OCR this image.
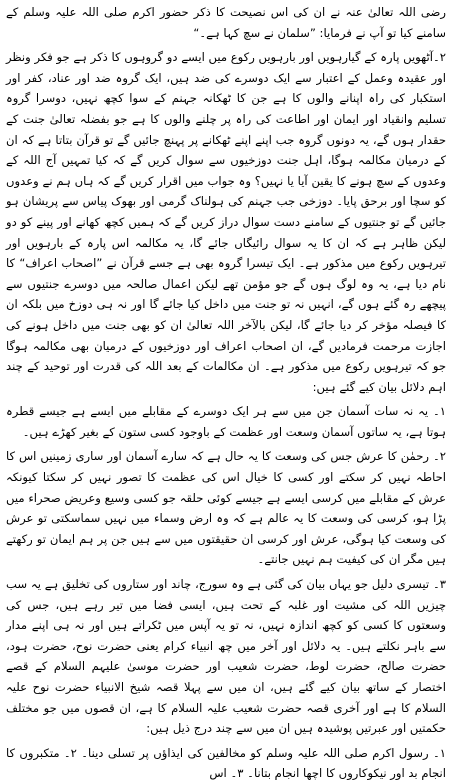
رضی اللہ تعالیٰ عنہ نے ان کی اس نصیحت کا ذکر حضور اکرم صلی اللہ علیہ وسلم کے سامنے کیا تو آپ نے فرمایا: ”سلمان نے سچ کہا ہے۔“

۲۔آٹھویں پارہ کے گیارہویں اور بارہویں رکوع میں ایسے دو گروہوں کا ذکر ہے جو فکر ونظر اور عقیدہ وعمل کے اعتبار سے ایک دوسرے کی ضد ہیں، ایک گروہ ضد اور عناد، کفر اور استکبار کی راہ اپنانے والوں کا ہے جن کا ٹھکانہ جہنم کے سوا کچھ نہیں، دوسرا گروہ تسلیم وانقیاد اور ایمان اور اطاعت کی راہ پر چلنے والوں کا ہے جو بفضلہ تعالیٰ جنت کے حقدار ہوں گے، یہ دونوں گروہ جب اپنے اپنے ٹھکانے پر پہنچ جائیں گے تو قرآن بتاتا ہے کہ ان کے درمیان مکالمہ ہوگا، اہل جنت دوزخیوں سے سوال کریں گے کہ کیا تمہیں آج اللہ کے وعدوں کے سچ ہونے کا یقین آیا یا نہیں؟ وہ جواب میں اقرار کریں گے کہ ہاں ہم نے وعدوں کو سچا اور برحق پایا۔ دوزخی جب جہنم کی ہولناک گرمی اور بھوک پیاس سے پریشان ہو جائیں گے تو جنتیوں کے سامنے دست سوال دراز کریں گے کہ ہمیں کچھ کھانے اور پینے کو دو لیکن ظاہر ہے کہ ان کا یہ سوال رائیگاں جائے گا، یہ مکالمہ اس پارہ کے بارہویں اور تیرہویں رکوع میں مذکور ہے۔ ایک تیسرا گروہ بھی ہے جسے قرآن نے ”اصحاب اعراف“ کا نام دیا ہے، یہ وہ لوگ ہوں گے جو مؤمن تھے لیکن اعمال صالحہ میں دوسرے جنتیوں سے پیچھے رہ گئے ہوں گے، انہیں نہ تو جنت میں داخل کیا جائے گا اور نہ ہی دوزخ میں بلکہ ان کا فیصلہ مؤخر کر دیا جائے گا، لیکن بالآخر اللہ تعالیٰ ان کو بھی جنت میں داخل ہونے کی اجازت مرحمت فرمادیں گے، ان اصحاب اعراف اور دوزخیوں کے درمیان بھی مکالمہ ہوگا جو کہ تیرہویں رکوع میں مذکور ہے۔ ان مکالمات کے بعد اللہ کی قدرت اور توحید کے چند اہم دلائل بیان کیے گئے ہیں:

۱۔ یہ نہ سات آسمان جن میں سے ہر ایک دوسرے کے مقابلے میں ایسے ہے جیسے قطرہ ہوتا ہے، یہ ساتوں آسمان وسعت اور عظمت کے باوجود کسی ستون کے بغیر کھڑے ہیں۔

۲۔ رحمٰن کا عرش جس کی وسعت کا یہ حال ہے کہ سارے آسمان اور ساری زمینیں اس کا احاطہ نہیں کر سکتے اور کسی کا خیال اس کی عظمت کا تصور نہیں کر سکتا کیونکہ عرش کے مقابلے میں کرسی ایسے ہے جیسے کوئی حلقہ جو کسی وسیع وعریض صحراء میں پڑا ہو، کرسی کی وسعت کا یہ عالم ہے کہ وہ ارض وسماء میں نہیں سماسکتی تو عرش کی وسعت کیا ہوگی، عرش اور کرسی ان حقیقتوں میں سے ہیں جن پر ہم ایمان تو رکھتے ہیں مگر ان کی کیفیت ہم نہیں جانتے۔

۳۔ تیسری دلیل جو یہاں بیان کی گئی ہے وہ سورج، چاند اور ستاروں کی تخلیق ہے یہ سب چیزیں اللہ کی مشیت اور غلبہ کے تحت ہیں، ایسی فضا میں تیر رہے ہیں، جس کی وسعتوں کا کسی کو کچھ اندازہ نہیں، نہ تو یہ آپس میں ٹکراتے ہیں اور نہ ہی اپنے مدار سے باہر نکلتے ہیں۔ یہ دلائل اور آخر میں چھ انبیاء کرام یعنی حضرت نوح، حضرت ہود، حضرت صالح، حضرت لوط، حضرت شعیب اور حضرت موسیٰ علیہم السلام کے قصے اختصار کے ساتھ بیان کیے گئے ہیں، ان میں سے پہلا قصہ شیخ الانبیاء حضرت نوح علیہ السلام کا ہے اور آخری قصہ حضرت شعیب علیہ السلام کا ہے، ان قصوں میں جو مختلف حکمتیں اور عبرتیں پوشیدہ ہیں ان میں سے چند درج ذیل ہیں:

۱۔ رسول اکرم صلی اللہ علیہ وسلم کو مخالفین کی ایذاؤں پر تسلی دینا۔ ۲۔ متکبروں کا انجام بد اور نیکوکاروں کا اچھا انجام بتانا۔ ۳۔ اس
